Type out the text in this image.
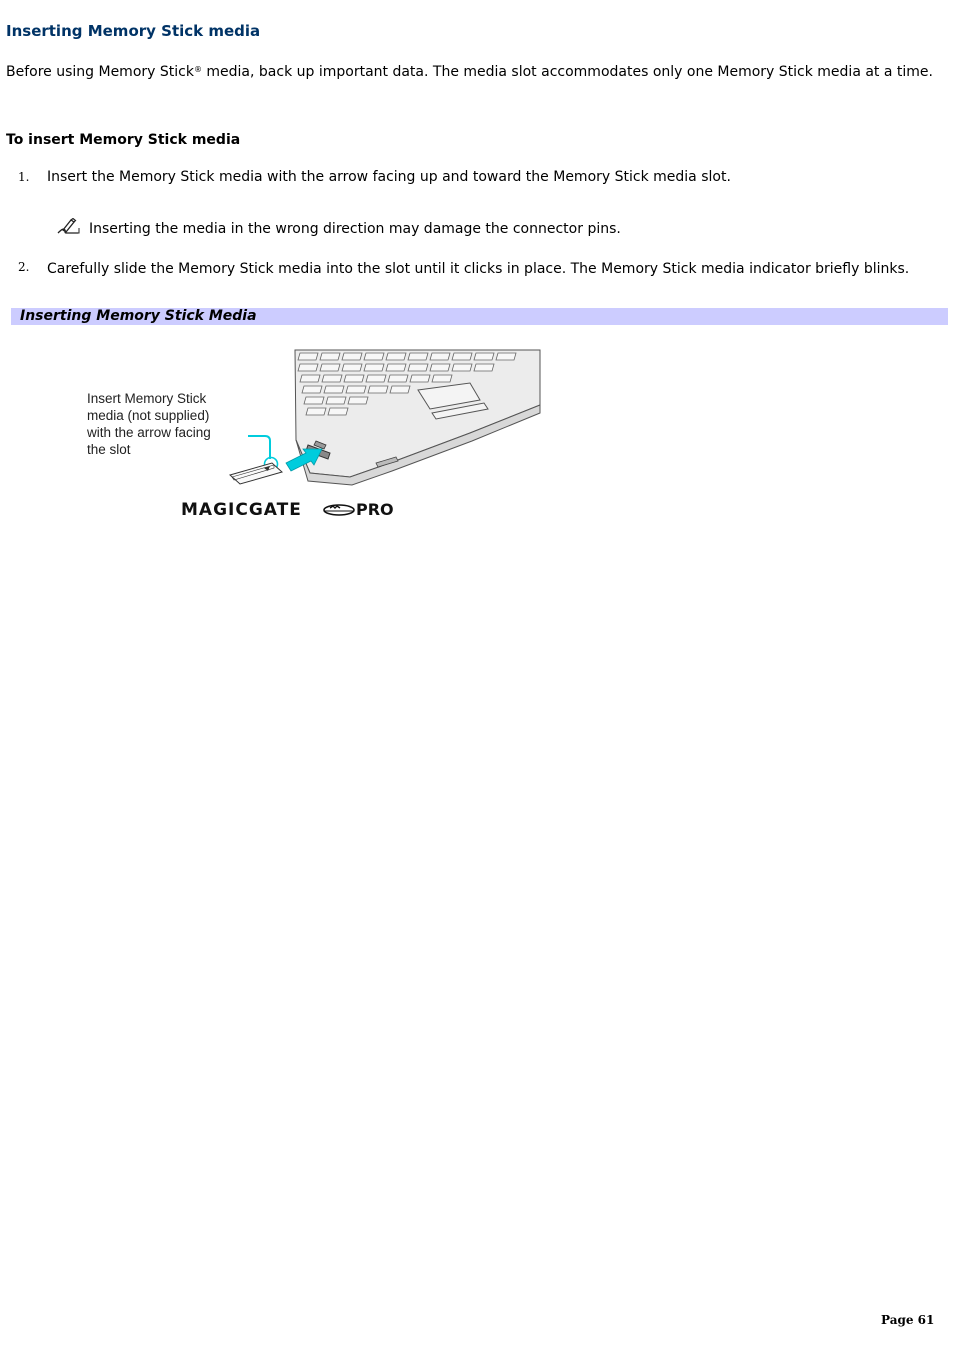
Inserting Memory Stick media

Before using Memory Stick® media, back up important data. The media slot accommodates only one Memory Stick media at a time.

To insert Memory Stick media
1. Insert the Memory Stick media with the arrow facing up and toward the Memory Stick media slot.
Inserting the media in the wrong direction may damage the connector pins.
2. Carefully slide the Memory Stick media into the slot until it clicks in place. The Memory Stick media indicator briefly blinks.
Inserting Memory Stick Media
Insert Memory Stick
media (not supplied)
with the arrow facing
the slot
MAGICGATE	PRO
Page 61
